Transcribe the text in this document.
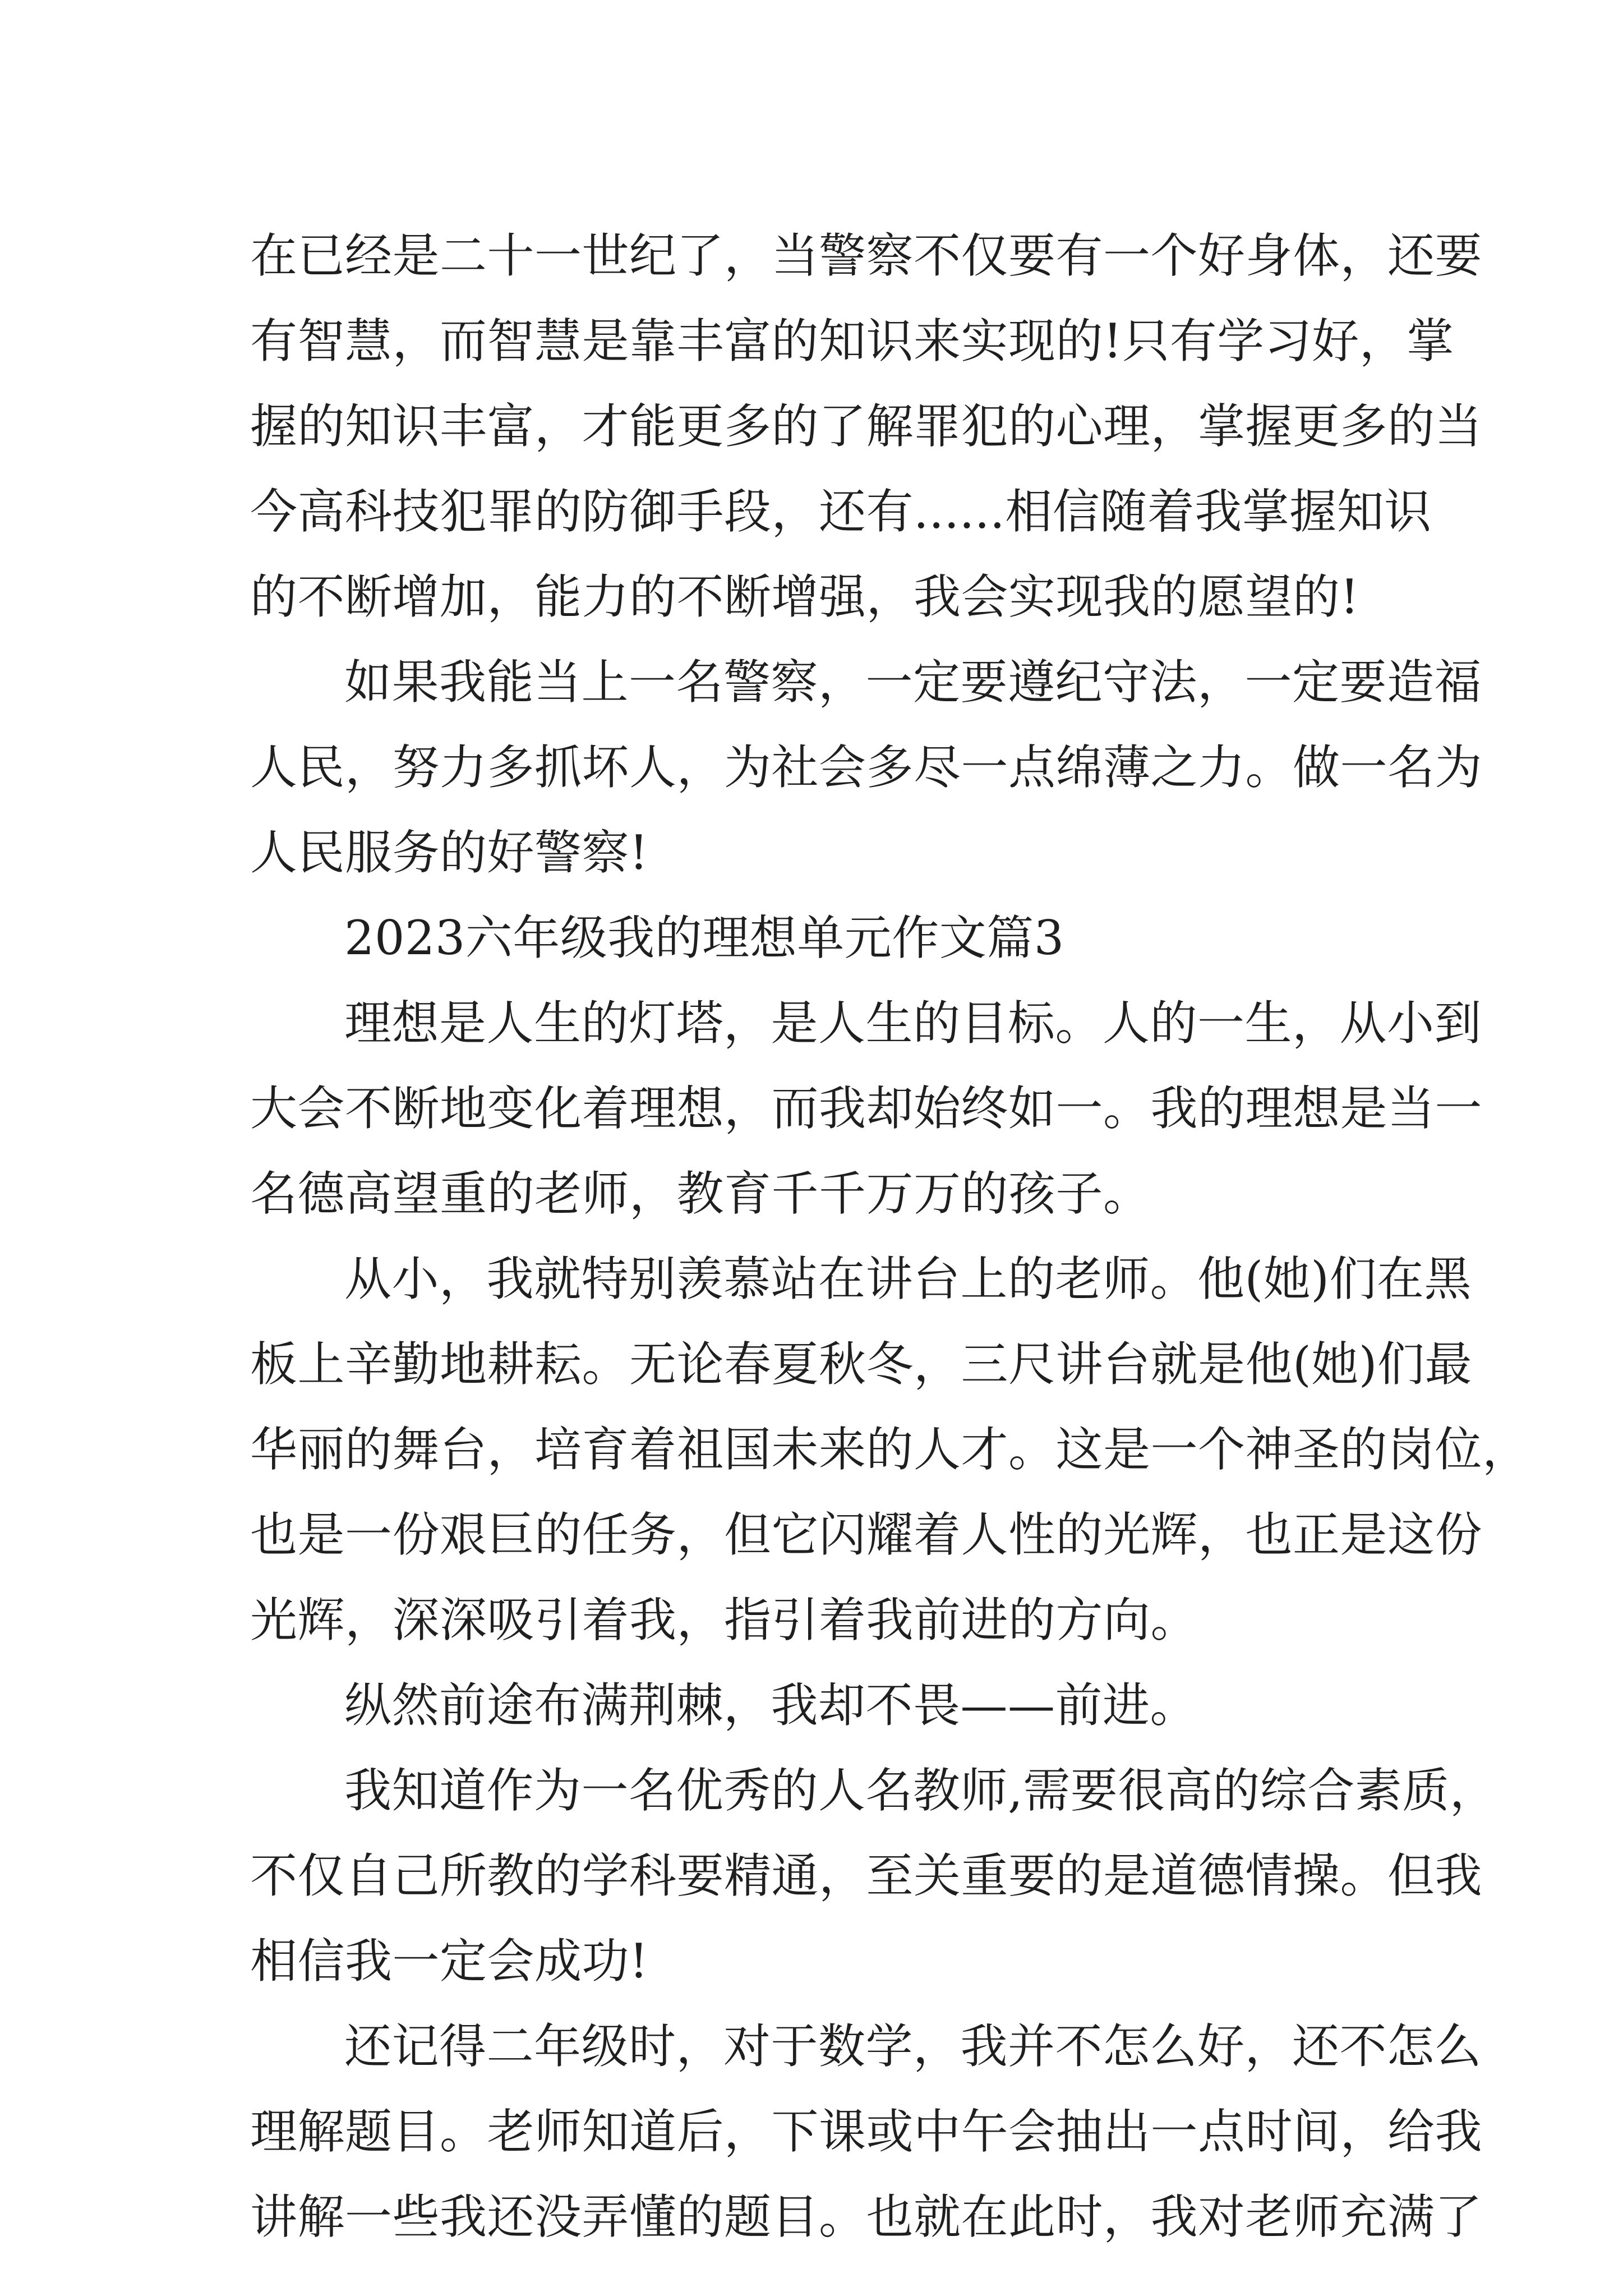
在已经是二十一世纪了，当警察不仅要有一个好身体，还要
有智慧，而智慧是靠丰富的知识来实现的!只有学习好，掌
握的知识丰富，才能更多的了解罪犯的心理，掌握更多的当
今高科技犯罪的防御手段，还有......相信随着我掌握知识
的不断增加，能力的不断增强，我会实现我的愿望的!
如果我能当上一名警察，一定要遵纪守法，一定要造福
人民，努力多抓坏人，为社会多尽一点绵薄之力。做一名为
人民服务的好警察!
2023六年级我的理想单元作文篇3
理想是人生的灯塔，是人生的目标。人的一生，从小到
大会不断地变化着理想，而我却始终如一。我的理想是当一
名德高望重的老师，教育千千万万的孩子。
从小，我就特别羡慕站在讲台上的老师。他(她)们在黑
板上辛勤地耕耘。无论春夏秋冬，三尺讲台就是他(她)们最
华丽的舞台，培育着祖国未来的人才。这是一个神圣的岗位，
也是一份艰巨的任务，但它闪耀着人性的光辉，也正是这份
光辉，深深吸引着我，指引着我前进的方向。
纵然前途布满荆棘，我却不畏——前进。
我知道作为一名优秀的人名教师,需要很高的综合素质，
不仅自己所教的学科要精通，至关重要的是道德情操。但我
相信我一定会成功!
还记得二年级时，对于数学，我并不怎么好，还不怎么
理解题目。老师知道后，下课或中午会抽出一点时间，给我
讲解一些我还没弄懂的题目。也就在此时，我对老师充满了
